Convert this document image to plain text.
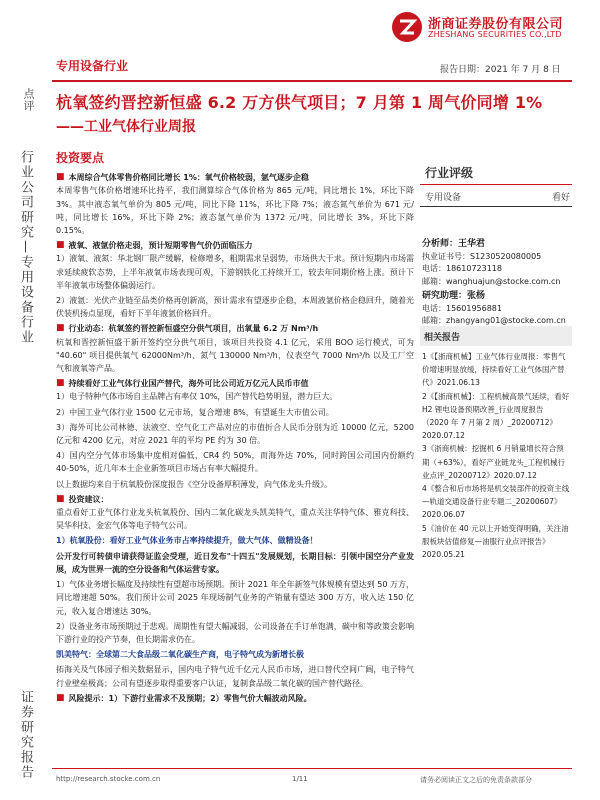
浙商证券股份有限公司
ZHESHANG SECURITIES CO.,LTD
专用设备行业	报告日期：2021 年 7 月 8 日
点评 杭氧签约晋控新恒盛 6.2 万方供气项目；7 月第 1 周气价同增 1%
——工业气体行业周报
行业公司研究—专用设备行业
证券研究报告
投资要点
■ 本周综合气体零售价格同比增长 1%：氧气价格较弱，氩气逐步企稳

本周零售气体价格增速环比持平，我们测算综合气体价格为 865 元/吨，同比增长 1%，环比下降 3%。其中液态氧气单价为 805 元/吨，同比下降 11%，环比下降 7%；液态氮气单价为 671 元/吨，同比增长 16%，环比下降 2%；液态氩气单价为 1372 元/吨，同比增长 3%，环比下降 0.15%。

■ 液氧、液氩价格走弱，预计短期零售气价仍面临压力

1）液氧、液氮：华北钢厂限产缓解，检修增多，粗期需求呈弱势，市场供大于求。预计短期内市场需求延续疲软态势，上半年液氧市场表现可观，下游钢铁化工持续开工，较去年同期价格上涨。预计下半年液氧市场整体偏弱运行。

2）液氩：光伏产业链至品类价格再创新高，预计需求有望逐步企稳，本周液氩价格企稳回升，随着光伏装机扬点显现，看好下半年液氩价格回升。

■ 行业动态：杭氧签约晋控新恒盛空分供气项目，出氧量 6.2 万 Nm³/h

杭氧和晋控新恒盛于新开签约空分供气项目，该项目共投资 4.1 亿元，采用 BOO 运行模式，可为 "40.60" 项目提供氧气 62000Nm³/h、氮气 130000 Nm³/h，仪表空气 7000 Nm³/h 以及工厂空气和液氧等产品。

■ 持续看好工业气体行业国产替代，海外可比公司近万亿元人民币市值

1）电子特种气体市场自主品牌占有率仅 10%，国产替代趋势明显，潜力巨大。

2）中国工业气体行业 1500 亿元市场，复合增速 8%，有望诞生大市值公司。

3）海外可比公司林德、法液空、空气化工产品对应的市值折合人民币分别为近 10000 亿元，5200 亿元和 4200 亿元，对应 2021 年的平均 PE 约为 30 倍。

4）国内空分气体市场集中度相对偏低，CR4 约 50%，而海外达 70%，同时跨国公司国内份额约 40-50%，近几年本土企业新签项目市场占有率大幅提升。

以上数据均来自于杭氧股份深度报告《空分设备厚积薄发，向气体龙头升级》。

■ 投资建议：

重点看好工业气体行业龙头杭氧股份、国内二氧化碳龙头凯美特气，重点关注华特气体、雅克科技、昊华科技、金宏气体等电子特气公司。

1）杭氧股份：看好工业气体业务市占率持续提升，做大气体、做精设备！

公开发行可转债申请获得证监会受理，近日发布"十四五"发展规划，长期目标：引领中国空分产业发展，成为世界一流的空分设备和气体运营专家。

1）气体业务增长幅度及持续性有望超市场预期。预计 2021 年全年新签气体规模有望达到 50 万方，同比增速超 50%。我们预计公司 2025 年现场制气业务的产销量有望达 300 万方，收入达 150 亿元，收入复合增速达 30%。

2）设备业务市场预期过于悲观。周期性有望大幅减弱，公司设备在手订单饱满，碳中和等政策会影响下游行业的投产节奏，但长期需求仍在。

凯美特气：全球第二大食品级二氧化碳生产商，电子特气成为新增长极

拓海关及气体园子相关数据显示，国内电子特气近千亿元人民币市场，进口替代空间广阔，电子特气行业壁垒极高；公司有望逐步取得重要客户认证，复制食品级二氧化碳的国产替代路径。

■ 风险提示：1）下游行业需求不及预期；2）零售气价大幅波动风险。
行业评级
专用设备	看好
分析师：王华君
执业证书号：S1230520080005
电话：18610723118
邮箱：wanghuajun@stocke.com.cn
研究助理：张杨
电话：15601956881
邮箱：zhangyang01@stocke.com.cn
相关报告
1《【浙商机械】工业气体行业周报：零售气价增速明显放缓，持续看好工业气体国产替代》2021.06.13
2《【浙商机械】：工程机械高景气延续，看好 H2 锂电设备预期改善_行业周度报告（2020 年 7 月第 2 周）_20200712》2020.07.12
3《浙商机械：挖掘机 6 月销量增长符合预期（+63%），看好产业链龙头_工程机械行业点评_20200712》2020.07.12
4《整合和后市场将是机交装部件的投资主线—轨道交通设备行业专题二_20200607》2020.06.07
5《油价在 40 元以上开始变得明确，关注油服板块估值修复—油服行业点评报告》2020.05.21
http://research.stocke.com.cn	1/11	请务必阅读正文之后的免责条款部分
